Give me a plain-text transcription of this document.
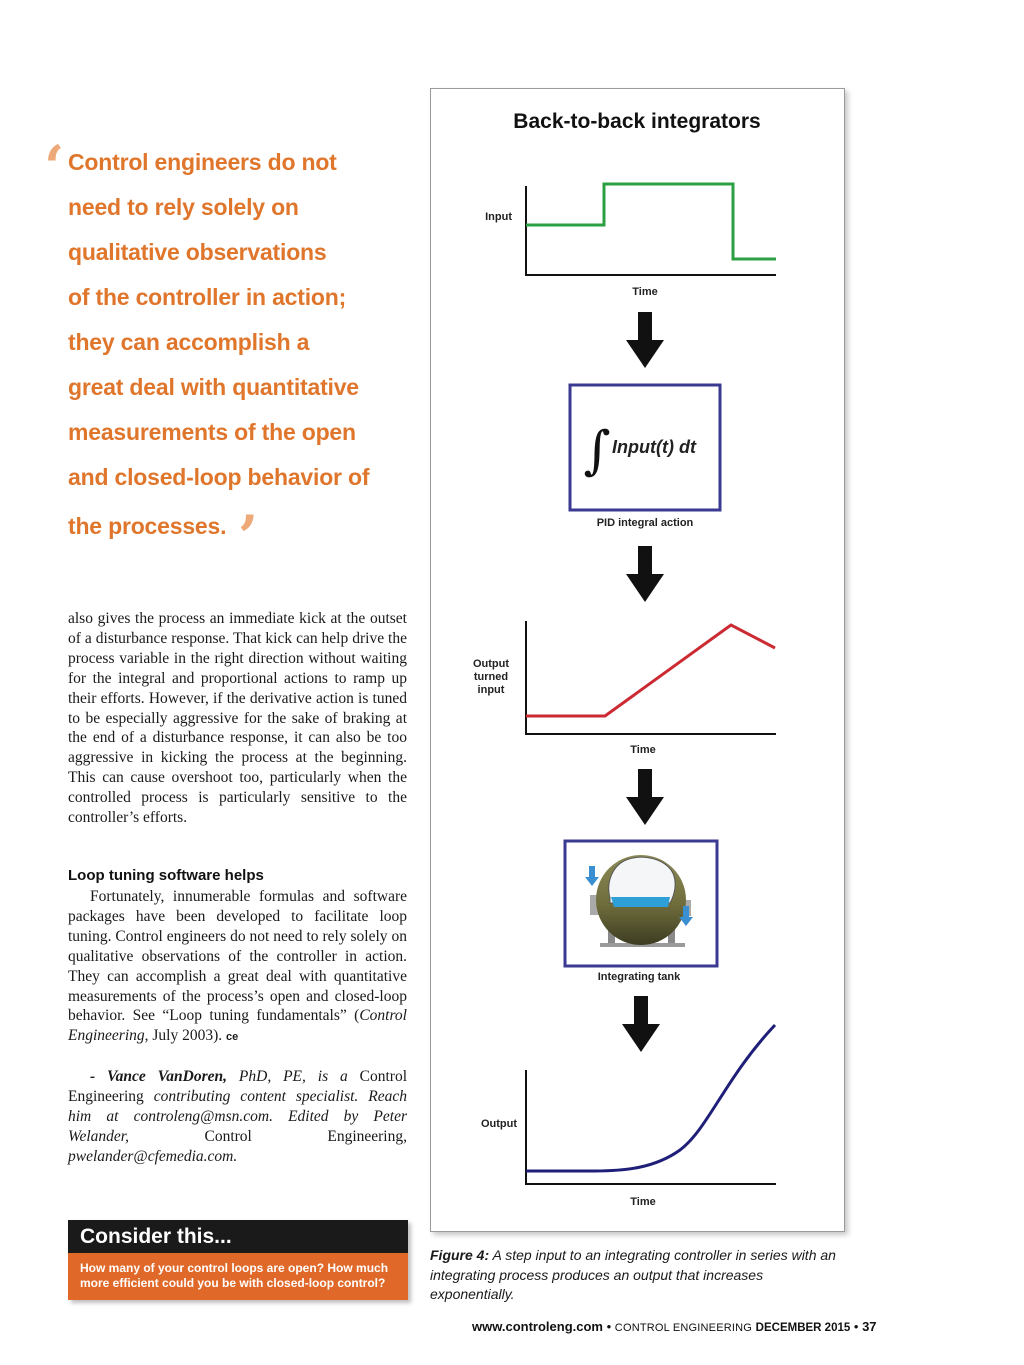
‘ Control engineers do not
need to rely solely on
qualitative observations
of the controller in action;
they can accomplish a
great deal with quantitative
measurements of the open
and closed-loop behavior of
the processes. ’

also gives the process an immediate kick at the outset of a disturbance response. That kick can help drive the process variable in the right direction without waiting for the integral and proportional actions to ramp up their efforts. However, if the derivative action is tuned to be especially aggressive for the sake of braking at the end of a disturbance response, it can also be too aggressive in kicking the process at the beginning. This can cause overshoot too, particularly when the controlled process is particularly sensitive to the controller’s efforts.

Loop tuning software helps

Fortunately, innumerable formulas and software packages have been developed to facilitate loop tuning. Control engineers do not need to rely solely on qualitative observations of the controller in action. They can accomplish a great deal with quantitative measurements of the process’s open and closed-loop behavior. See “Loop tuning fundamentals” (Control Engineering, July 2003). ce

- Vance VanDoren, PhD, PE, is a Control Engineering contributing content specialist. Reach him at controleng@msn.com. Edited by Peter Welander, Control Engineering, pwelander@cfemedia.com.

Consider this...
How many of your control loops are open? How much more efficient could you be with closed-loop control?
Back-to-back integrators
Input
Time
∫ Input(t) dt
PID integral action
Output
turned
input
Time
Integrating tank
Output
Time
Figure 4: A step input to an integrating controller in series with an integrating process produces an output that increases exponentially.
www.controleng.com • CONTROL ENGINEERING DECEMBER 2015 • 37
